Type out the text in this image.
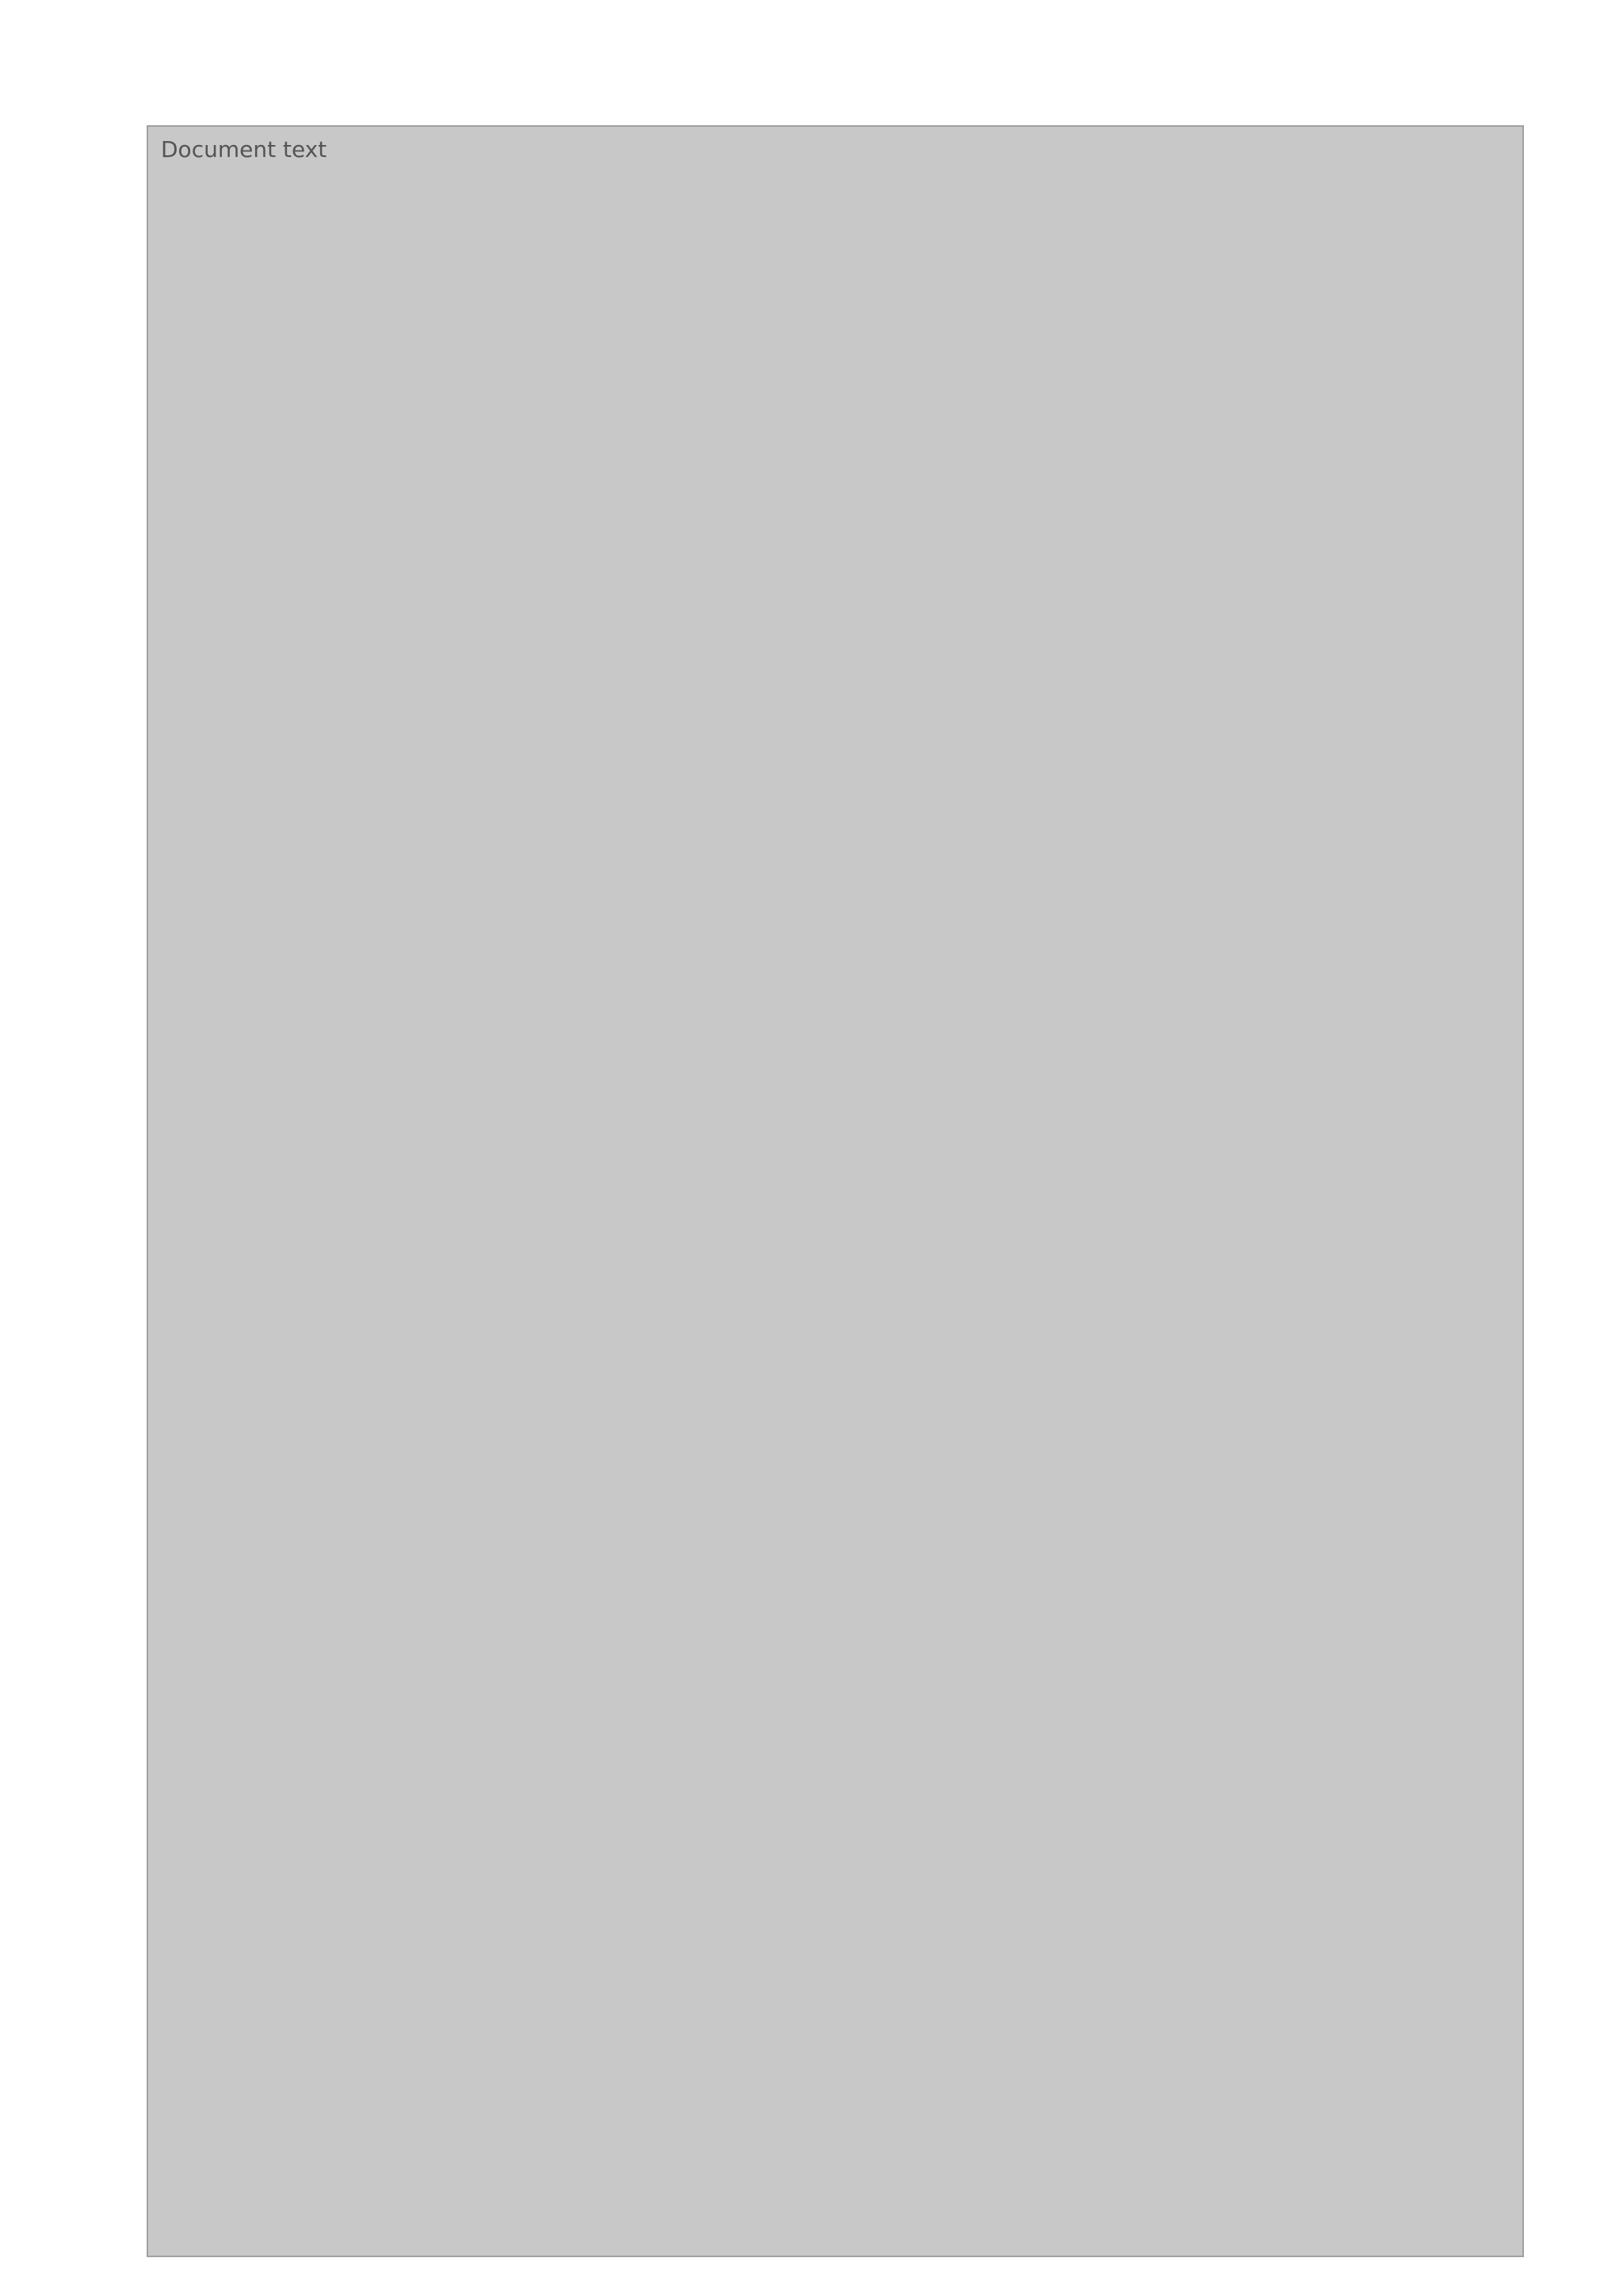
Document text
